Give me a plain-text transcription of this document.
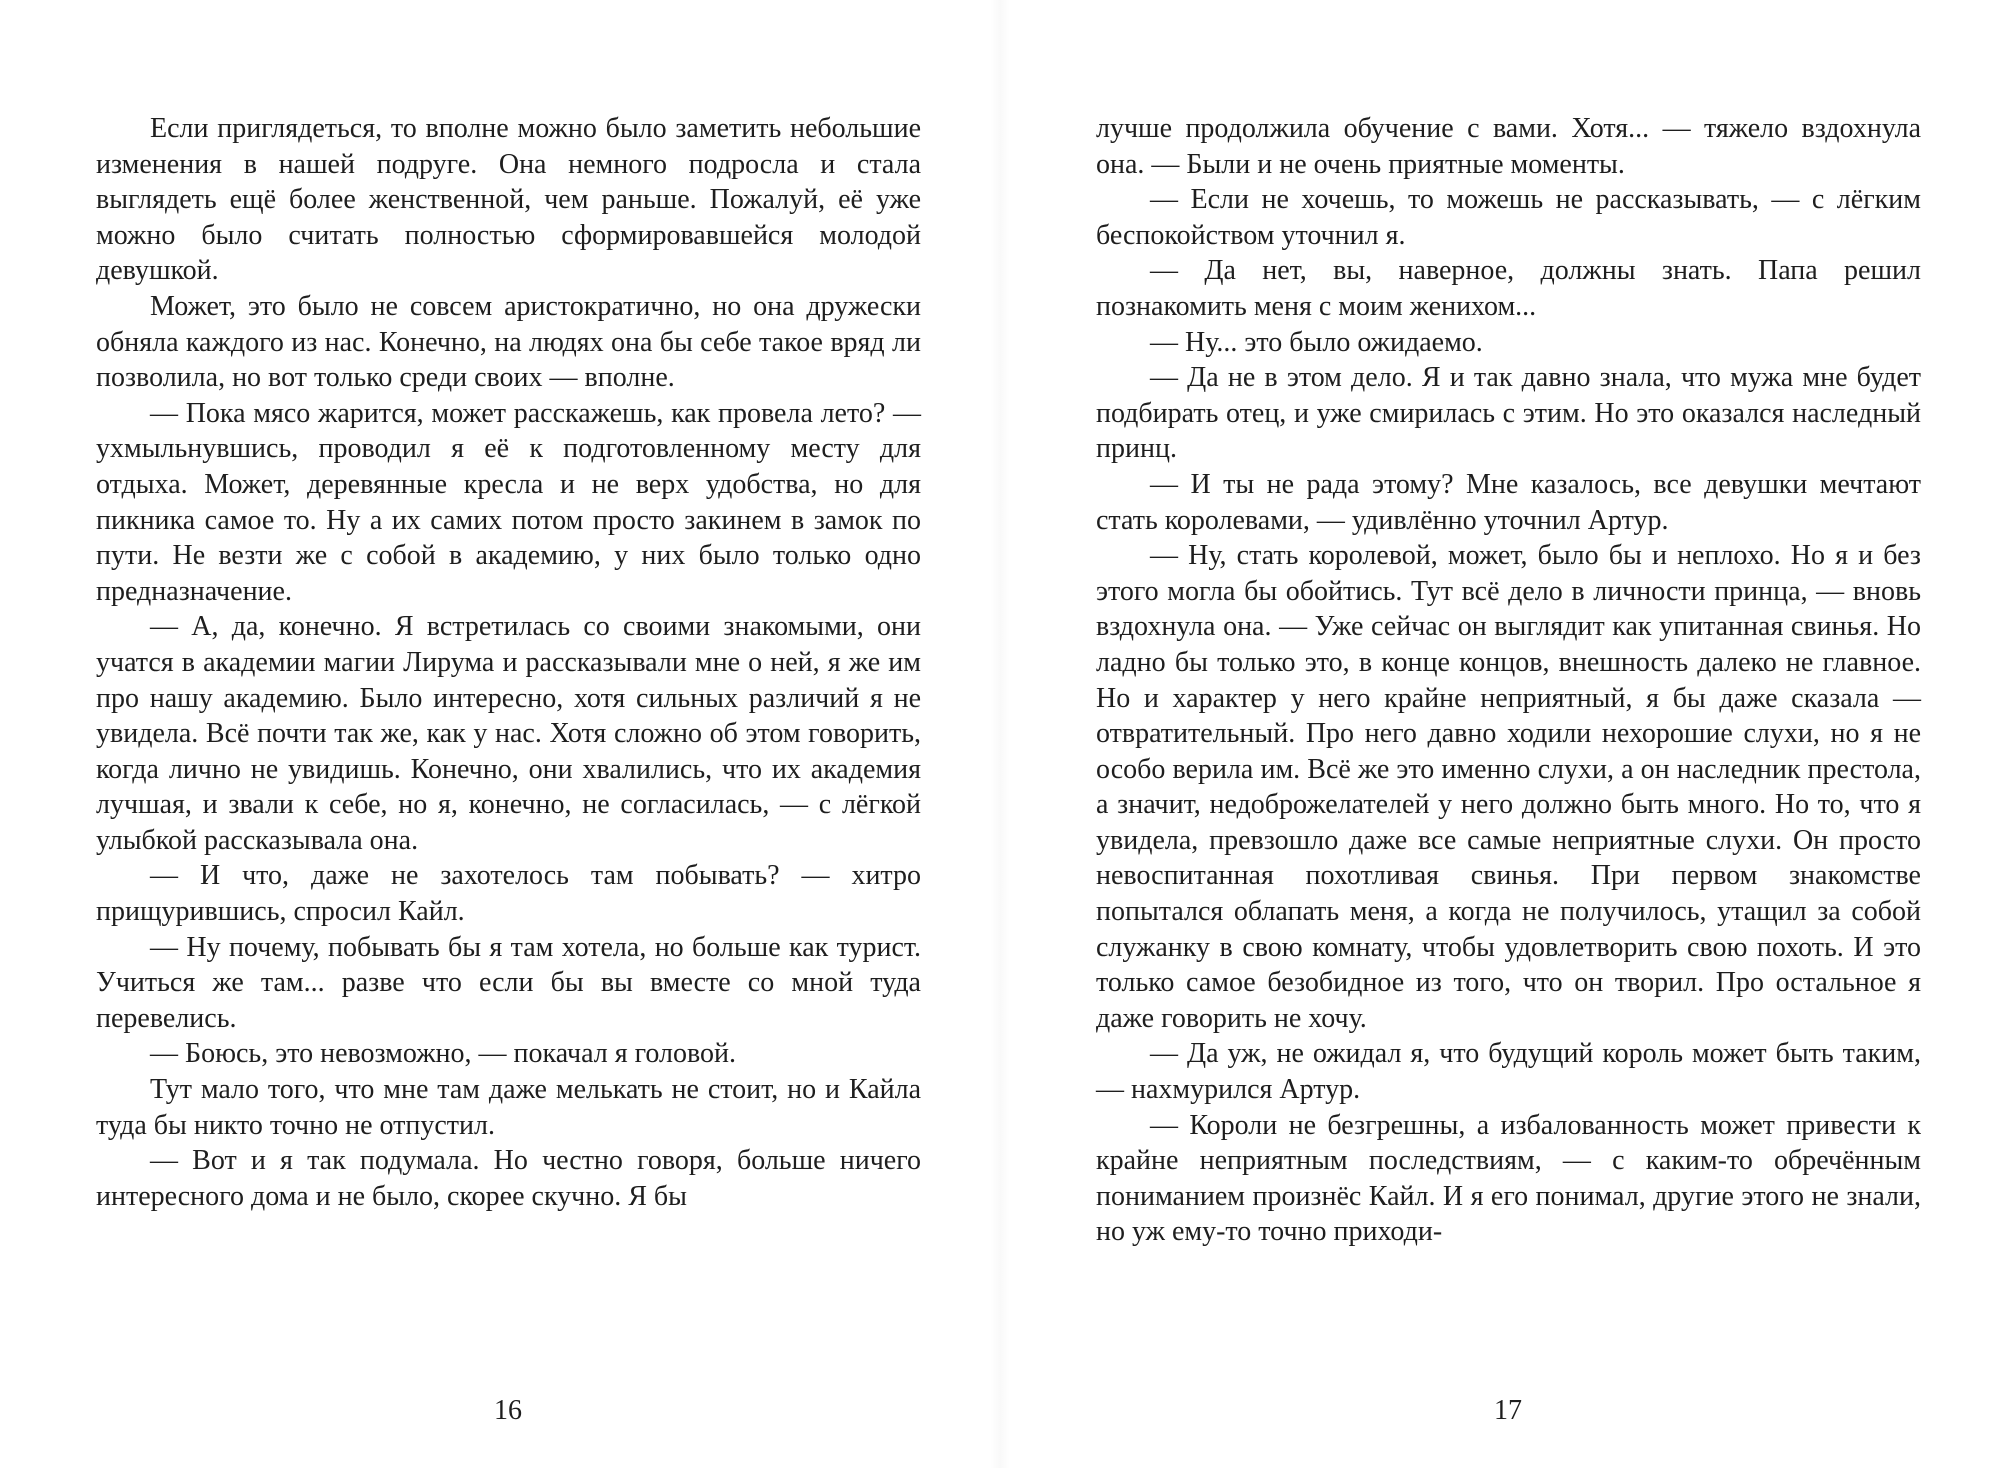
Если приглядеться, то вполне можно было заметить небольшие изменения в нашей подруге. Она немного подросла и стала выглядеть ещё более женственной, чем раньше. Пожалуй, её уже можно было считать полностью сформировавшейся молодой девушкой.

Может, это было не совсем аристократично, но она дружески обняла каждого из нас. Конечно, на людях она бы себе такое вряд ли позволила, но вот только среди своих — вполне.

— Пока мясо жарится, может расскажешь, как провела лето? — ухмыльнувшись, проводил я её к подготовленному месту для отдыха. Может, деревянные кресла и не верх удобства, но для пикника самое то. Ну а их самих потом просто закинем в замок по пути. Не везти же с собой в академию, у них было только одно предназначение.

— А, да, конечно. Я встретилась со своими знакомыми, они учатся в академии магии Лирума и рассказывали мне о ней, я же им про нашу академию. Было интересно, хотя сильных различий я не увидела. Всё почти так же, как у нас. Хотя сложно об этом говорить, когда лично не увидишь. Конечно, они хвалились, что их академия лучшая, и звали к себе, но я, конечно, не согласилась, — с лёгкой улыбкой рассказывала она.

— И что, даже не захотелось там побывать? — хитро прищурившись, спросил Кайл.

— Ну почему, побывать бы я там хотела, но больше как турист. Учиться же там... разве что если бы вы вместе со мной туда перевелись.

— Боюсь, это невозможно, — покачал я головой.

Тут мало того, что мне там даже мелькать не стоит, но и Кайла туда бы никто точно не отпустил.

— Вот и я так подумала. Но честно говоря, больше ничего интересного дома и не было, скорее скучно. Я бы

16

лучше продолжила обучение с вами. Хотя... — тяжело вздохнула она. — Были и не очень приятные моменты.

— Если не хочешь, то можешь не рассказывать, — с лёгким беспокойством уточнил я.

— Да нет, вы, наверное, должны знать. Папа решил познакомить меня с моим женихом...

— Ну... это было ожидаемо.

— Да не в этом дело. Я и так давно знала, что мужа мне будет подбирать отец, и уже смирилась с этим. Но это оказался наследный принц.

— И ты не рада этому? Мне казалось, все девушки мечтают стать королевами, — удивлённо уточнил Артур.

— Ну, стать королевой, может, было бы и неплохо. Но я и без этого могла бы обойтись. Тут всё дело в личности принца, — вновь вздохнула она. — Уже сейчас он выглядит как упитанная свинья. Но ладно бы только это, в конце концов, внешность далеко не главное. Но и характер у него крайне неприятный, я бы даже сказала — отвратительный. Про него давно ходили нехорошие слухи, но я не особо верила им. Всё же это именно слухи, а он наследник престола, а значит, недоброжелателей у него должно быть много. Но то, что я увидела, превзошло даже все самые неприятные слухи. Он просто невоспитанная похотливая свинья. При первом знакомстве попытался облапать меня, а когда не получилось, утащил за собой служанку в свою комнату, чтобы удовлетворить свою похоть. И это только самое безобидное из того, что он творил. Про остальное я даже говорить не хочу.

— Да уж, не ожидал я, что будущий король может быть таким, — нахмурился Артур.

— Короли не безгрешны, а избалованность может привести к крайне неприятным последствиям, — с каким-то обречённым пониманием произнёс Кайл. И я его понимал, другие этого не знали, но уж ему-то точно приходи-

17
